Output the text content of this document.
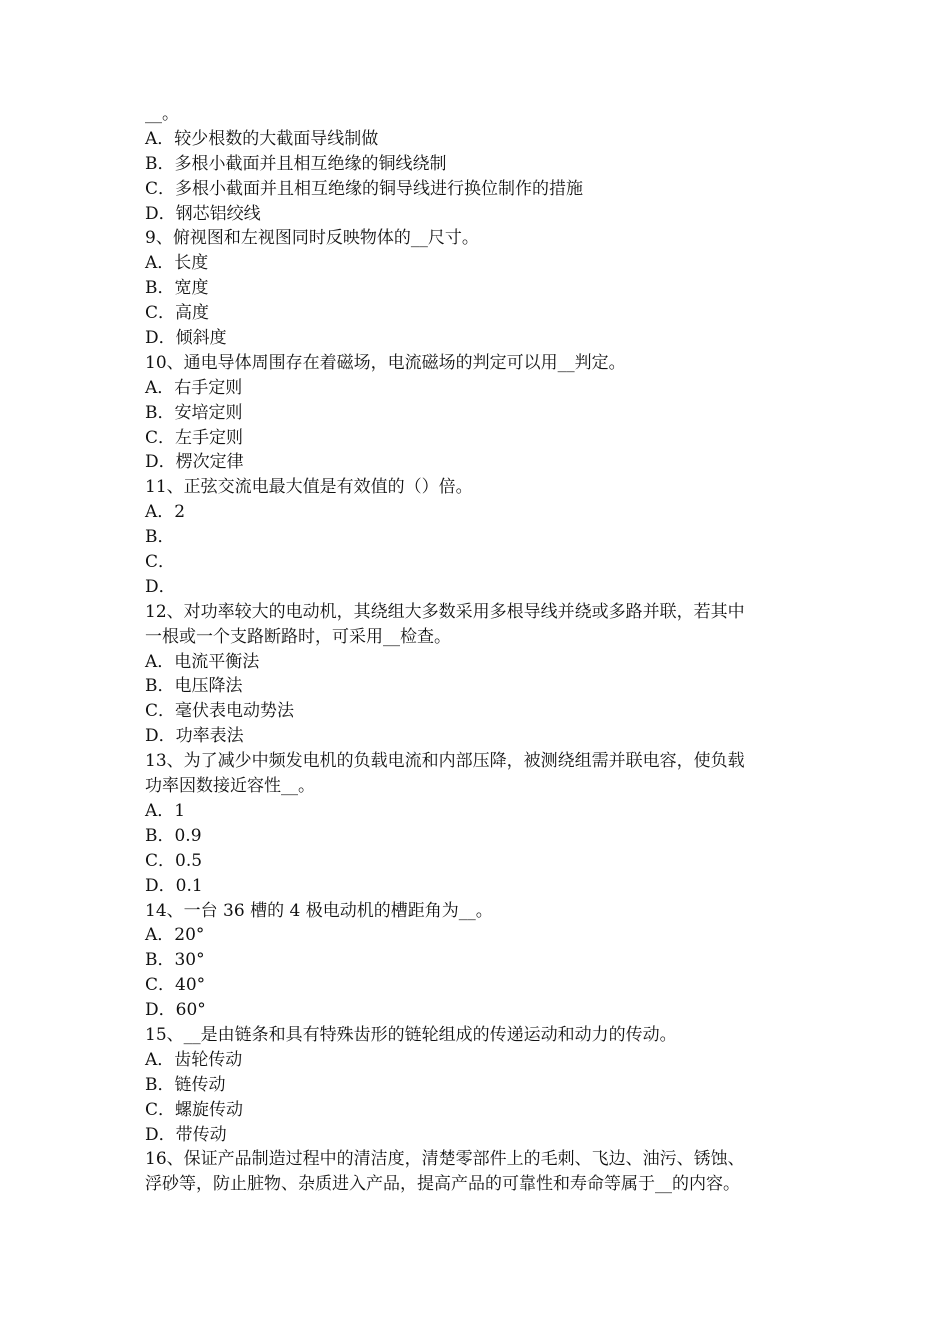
__。
A．较少根数的大截面导线制做
B．多根小截面并且相互绝缘的铜线绕制
C．多根小截面并且相互绝缘的铜导线进行换位制作的措施
D．钢芯铝绞线
9、俯视图和左视图同时反映物体的__尺寸。
A．长度
B．宽度
C．高度
D．倾斜度
10、通电导体周围存在着磁场，电流磁场的判定可以用__判定。
A．右手定则
B．安培定则
C．左手定则
D．楞次定律
11、正弦交流电最大值是有效值的（）倍。
A．2
B．
C．
D．
12、对功率较大的电动机，其绕组大多数采用多根导线并绕或多路并联，若其中
一根或一个支路断路时，可采用__检查。
A．电流平衡法
B．电压降法
C．毫伏表电动势法
D．功率表法
13、为了减少中频发电机的负载电流和内部压降，被测绕组需并联电容，使负载
功率因数接近容性__。
A．1
B．0.9
C．0.5
D．0.1
14、一台 36 槽的 4 极电动机的槽距角为__。
A．20°
B．30°
C．40°
D．60°
15、__是由链条和具有特殊齿形的链轮组成的传递运动和动力的传动。
A．齿轮传动
B．链传动
C．螺旋传动
D．带传动
16、保证产品制造过程中的清洁度，清楚零部件上的毛刺、飞边、油污、锈蚀、
浮砂等，防止脏物、杂质进入产品，提高产品的可靠性和寿命等属于__的内容。
